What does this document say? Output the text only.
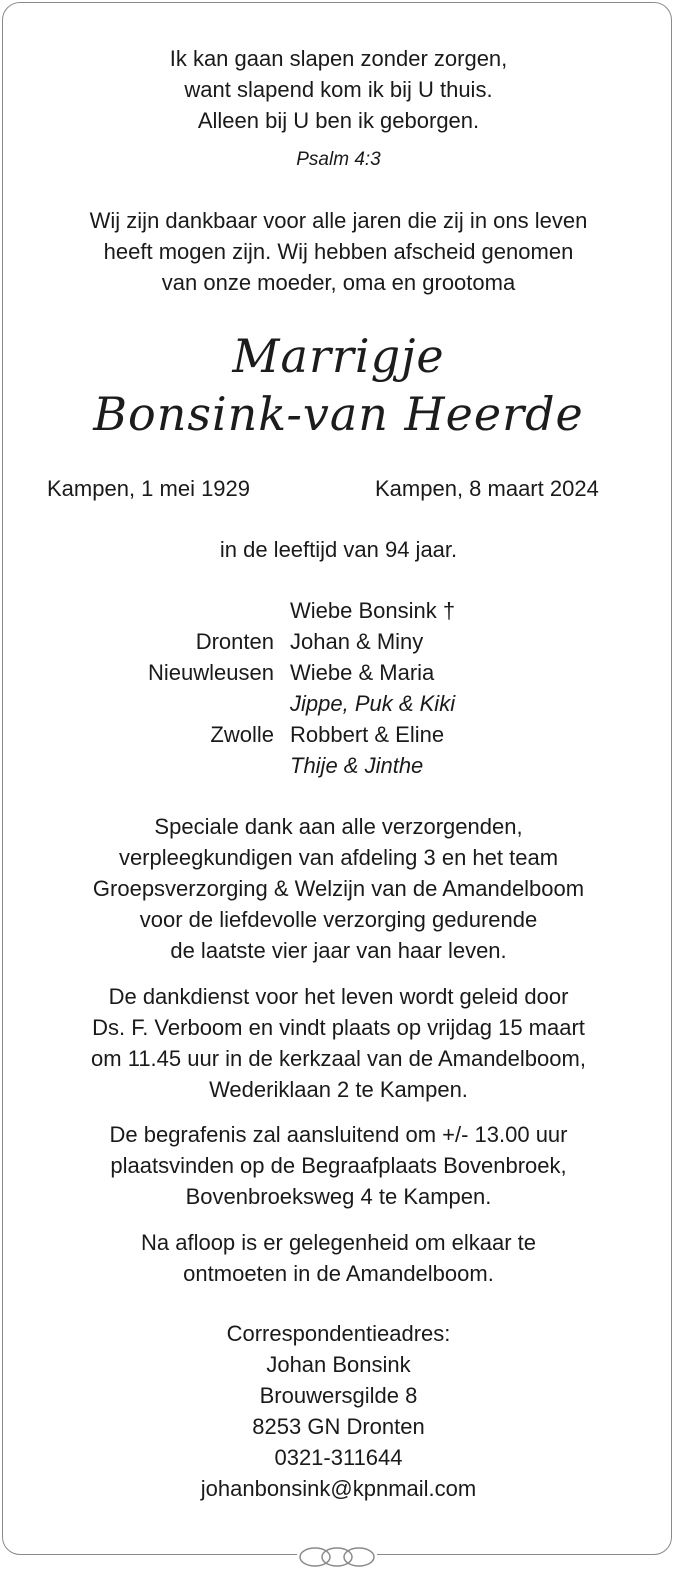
Ik kan gaan slapen zonder zorgen,
want slapend kom ik bij U thuis.
Alleen bij U ben ik geborgen.
Psalm 4:3
Wij zijn dankbaar voor alle jaren die zij in ons leven
heeft mogen zijn. Wij hebben afscheid genomen
van onze moeder, oma en grootoma
Marrigje
Bonsink-van Heerde
Kampen, 1 mei 1929	Kampen, 8 maart 2024
in de leeftijd van 94 jaar.
Wiebe Bonsink †
Dronten Johan & Miny
Nieuwleusen Wiebe & Maria
Jippe, Puk & Kiki
Zwolle Robbert & Eline
Thije & Jinthe
Speciale dank aan alle verzorgenden,
verpleegkundigen van afdeling 3 en het team
Groepsverzorging & Welzijn van de Amandelboom
voor de liefdevolle verzorging gedurende
de laatste vier jaar van haar leven.
De dankdienst voor het leven wordt geleid door
Ds. F. Verboom en vindt plaats op vrijdag 15 maart
om 11.45 uur in de kerkzaal van de Amandelboom,
Wederiklaan 2 te Kampen.
De begrafenis zal aansluitend om +/- 13.00 uur
plaatsvinden op de Begraafplaats Bovenbroek,
Bovenbroeksweg 4 te Kampen.
Na afloop is er gelegenheid om elkaar te
ontmoeten in de Amandelboom.
Correspondentieadres:
Johan Bonsink
Brouwersgilde 8
8253 GN Dronten
0321-311644
johanbonsink@kpnmail.com
